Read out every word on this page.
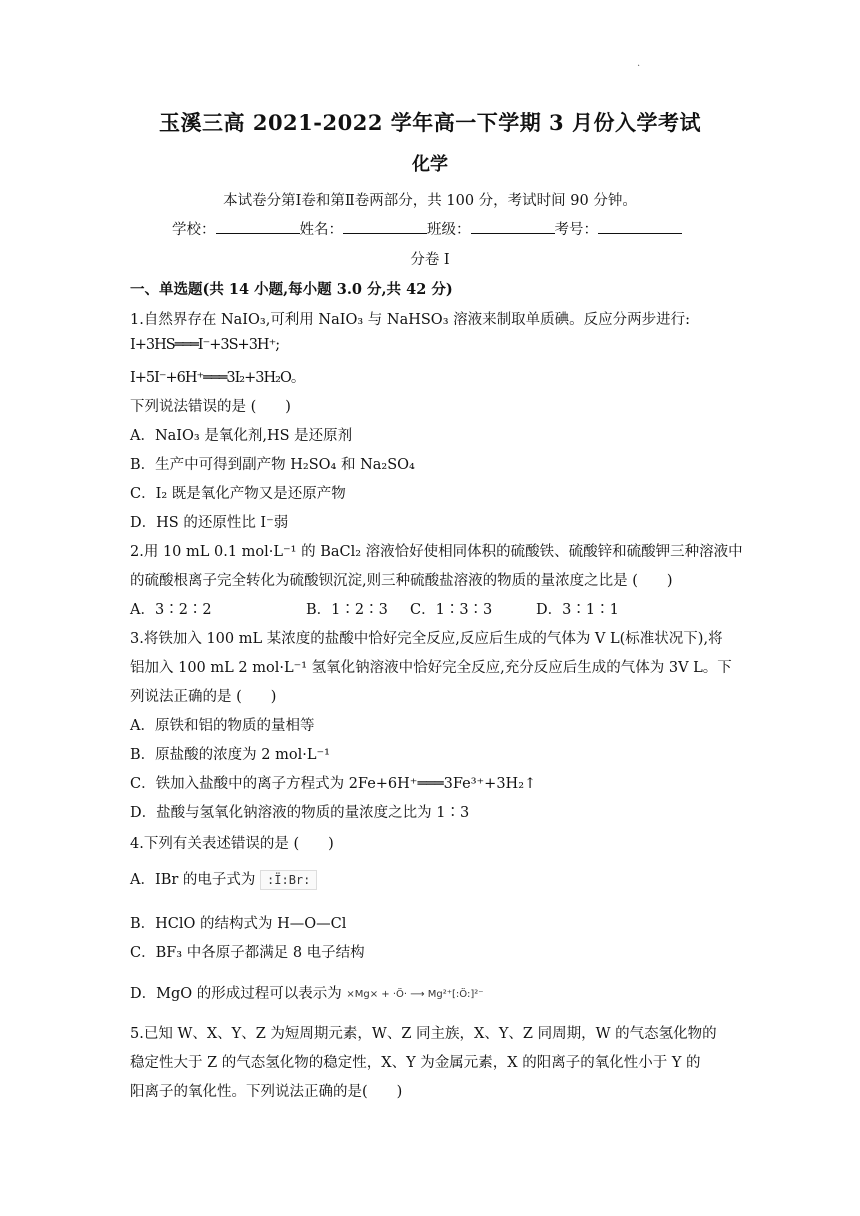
.
玉溪三高 2021-2022 学年高一下学期 3 月份入学考试
化学
本试卷分第Ⅰ卷和第Ⅱ卷两部分，共 100 分，考试时间 90 分钟。
学校：	姓名：	班级：	考号：
分卷 I
一、单选题(共 14 小题,每小题 3.0 分,共 42 分)
1.自然界存在 NaIO₃,可利用 NaIO₃ 与 NaHSO₃ 溶液来制取单质碘。反应分两步进行:
I+3HS═══I⁻+3S+3H⁺;
I+5I⁻+6H⁺═══3I₂+3H₂O。
下列说法错误的是 (　　)
A．NaIO₃ 是氧化剂,HS 是还原剂
B．生产中可得到副产物 H₂SO₄ 和 Na₂SO₄
C．I₂ 既是氧化产物又是还原产物
D．HS 的还原性比 I⁻弱
2.用 10 mL 0.1 mol·L⁻¹ 的 BaCl₂ 溶液恰好使相同体积的硫酸铁、硫酸锌和硫酸钾三种溶液中
的硫酸根离子完全转化为硫酸钡沉淀,则三种硫酸盐溶液的物质的量浓度之比是 (　　)
A．3∶2∶2	B．1∶2∶3 C．1∶3∶3	D．3∶1∶1
3.将铁加入 100 mL 某浓度的盐酸中恰好完全反应,反应后生成的气体为 V L(标准状况下),将
铝加入 100 mL 2 mol·L⁻¹ 氢氧化钠溶液中恰好完全反应,充分反应后生成的气体为 3V L。下
列说法正确的是 (　　)
A．原铁和铝的物质的量相等
B．原盐酸的浓度为 2 mol·L⁻¹
C．铁加入盐酸中的离子方程式为 2Fe+6H⁺═══3Fe³⁺+3H₂↑
D．盐酸与氢氧化钠溶液的物质的量浓度之比为 1∶3
4.下列有关表述错误的是 (　　)
A．IBr 的电子式为 :Ï:Br:
B．HClO 的结构式为 H—O—Cl
C．BF₃ 中各原子都满足 8 电子结构
D．MgO 的形成过程可以表示为 ×Mg× + ·Ö· ⟶ Mg²⁺[:Ö:]²⁻
5.已知 W、X、Y、Z 为短周期元素，W、Z 同主族，X、Y、Z 同周期，W 的气态氢化物的
稳定性大于 Z 的气态氢化物的稳定性，X、Y 为金属元素，X 的阳离子的氧化性小于 Y 的
阳离子的氧化性。下列说法正确的是(　　)
